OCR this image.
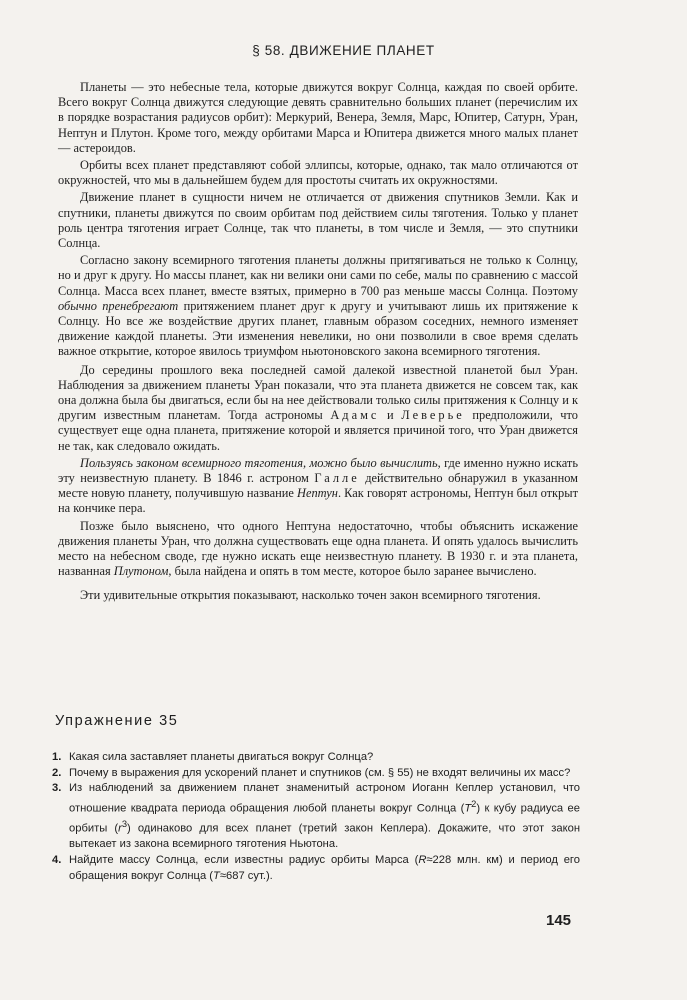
§ 58. ДВИЖЕНИЕ ПЛАНЕТ

Планеты — это небесные тела, которые движутся вокруг Солнца, каждая по своей орбите. Всего вокруг Солнца движутся следующие девять сравнительно больших планет (перечислим их в порядке возрастания радиусов орбит): Меркурий, Венера, Земля, Марс, Юпитер, Сатурн, Уран, Нептун и Плутон. Кроме того, между орбитами Марса и Юпитера движется много малых планет — астероидов.

Орбиты всех планет представляют собой эллипсы, которые, однако, так мало отличаются от окружностей, что мы в дальнейшем будем для простоты считать их окружностями.

Движение планет в сущности ничем не отличается от движения спутников Земли. Как и спутники, планеты движутся по своим орбитам под действием силы тяготения. Только у планет роль центра тяготения играет Солнце, так что планеты, в том числе и Земля, — это спутники Солнца.

Согласно закону всемирного тяготения планеты должны притягиваться не только к Солнцу, но и друг к другу. Но массы планет, как ни велики они сами по себе, малы по сравнению с массой Солнца. Масса всех планет, вместе взятых, примерно в 700 раз меньше массы Солнца. Поэтому обычно пренебрегают притяжением планет друг к другу и учитывают лишь их притяжение к Солнцу. Но все же воздействие других планет, главным образом соседних, немного изменяет движение каждой планеты. Эти изменения невелики, но они позволили в свое время сделать важное открытие, которое явилось триумфом ньютоновского закона всемирного тяготения.

До середины прошлого века последней самой далекой известной планетой был Уран. Наблюдения за движением планеты Уран показали, что эта планета движется не совсем так, как она должна была бы двигаться, если бы на нее действовали только силы притяжения к Солнцу и к другим известным планетам. Тогда астрономы Адамс и Леверье предположили, что существует еще одна планета, притяжение которой и является причиной того, что Уран движется не так, как следовало ожидать.

Пользуясь законом всемирного тяготения, можно было вычислить, где именно нужно искать эту неизвестную планету. В 1846 г. астроном Галле действительно обнаружил в указанном месте новую планету, получившую название Нептун. Как говорят астрономы, Нептун был открыт на кончике пера.

Позже было выяснено, что одного Нептуна недостаточно, чтобы объяснить искажение движения планеты Уран, что должна существовать еще одна планета. И опять удалось вычислить место на небесном своде, где нужно искать еще неизвестную планету. В 1930 г. и эта планета, названная Плутоном, была найдена и опять в том месте, которое было заранее вычислено.

Эти удивительные открытия показывают, насколько точен закон всемирного тяготения.

Упражнение 35
1. Какая сила заставляет планеты двигаться вокруг Солнца?
2. Почему в выражения для ускорений планет и спутников (см. § 55) не входят величины их масс?
3. Из наблюдений за движением планет знаменитый астроном Иоганн Кеплер установил, что отношение квадрата периода обращения любой планеты вокруг Солнца $(T^2)$ к кубу радиуса ее орбиты $(r^3)$ одинаково для всех планет (третий закон Кеплера). Докажите, что этот закон вытекает из закона всемирного тяготения Ньютона.
4. Найдите массу Солнца, если известны радиус орбиты Марса (R≈228 млн. км) и период его обращения вокруг Солнца (T≈687 сут.).
145
